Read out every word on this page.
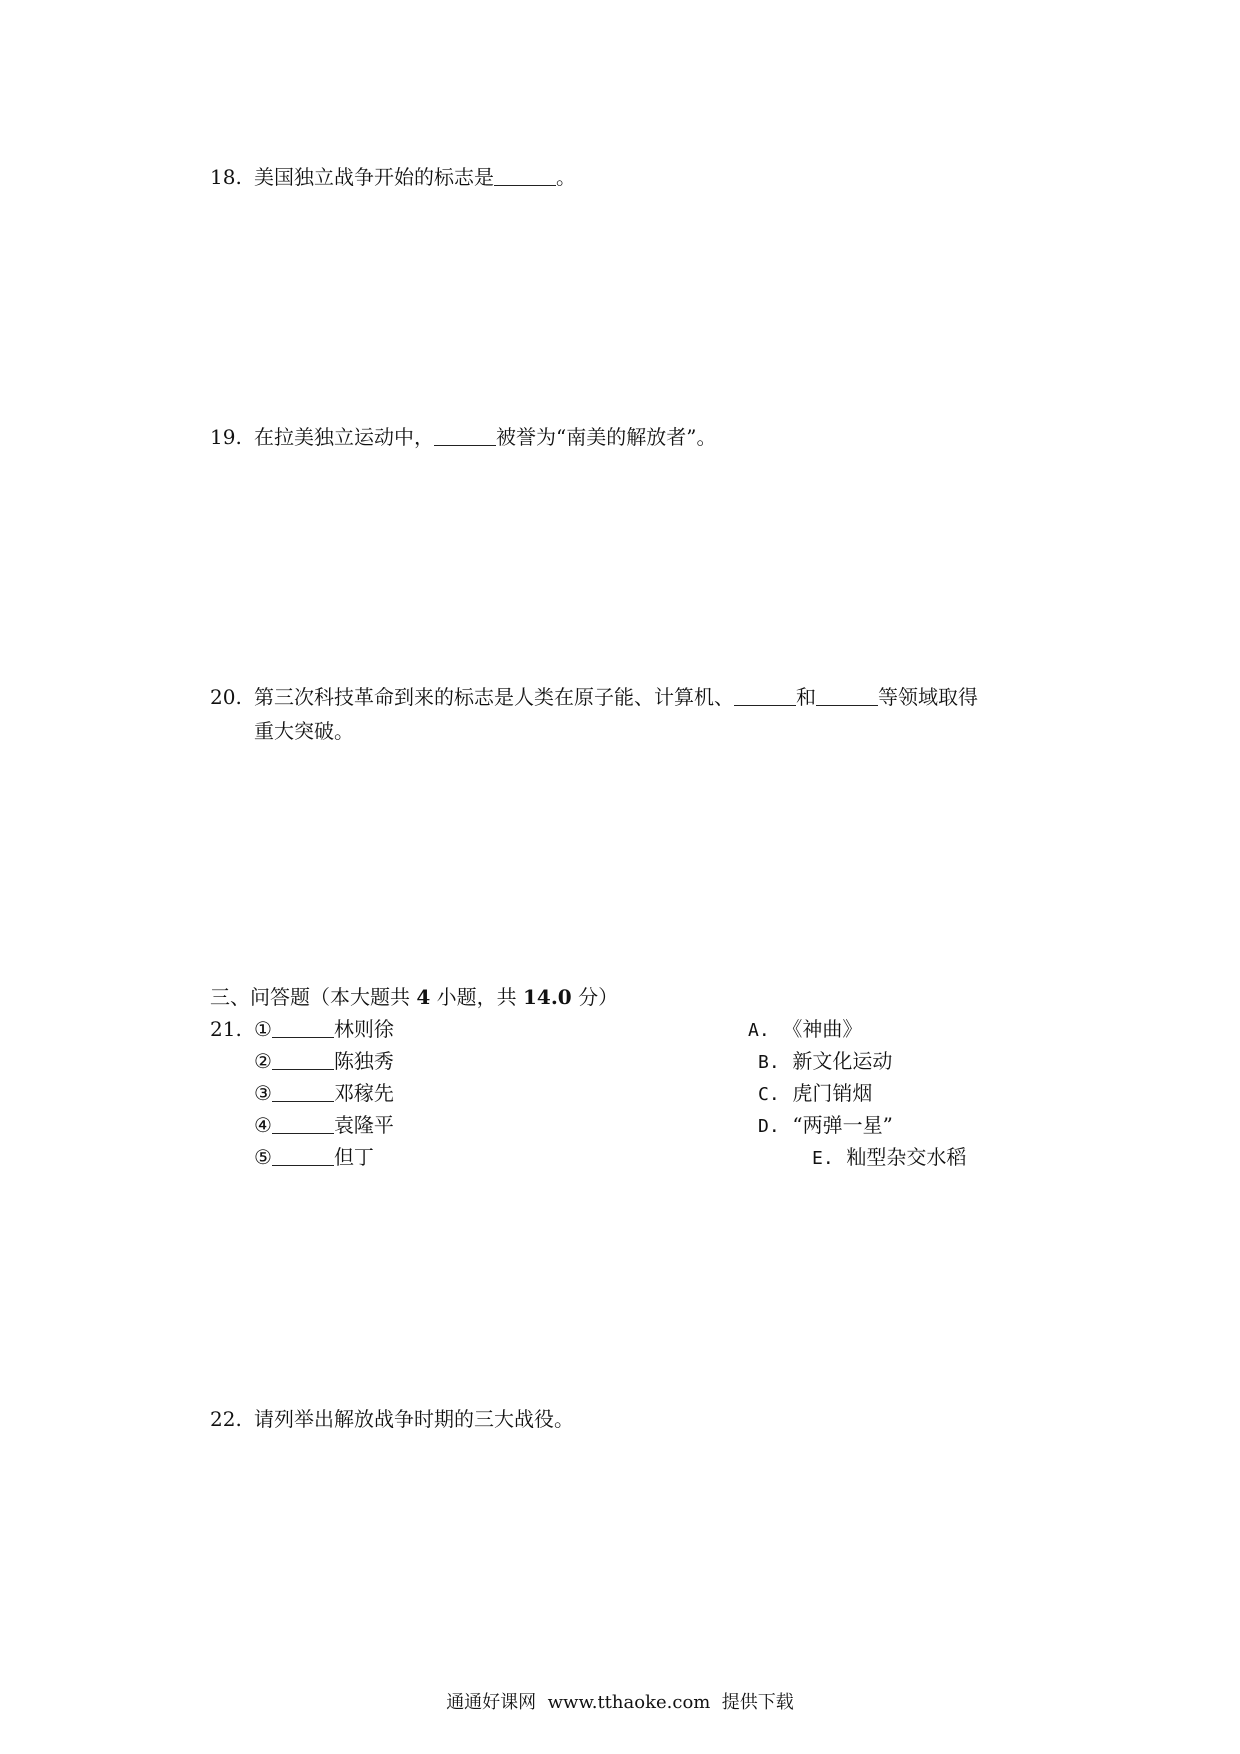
18. 美国独立战争开始的标志是	。
19. 在拉美独立运动中，	被誉为“南美的解放者”。
20. 第三次科技革命到来的标志是人类在原子能、计算机、	和	等领域取得
重大突破。
三、问答题（本大题共 4 小题，共 14.0 分）
21. ①	林则徐
②	陈独秀
③	邓稼先
④	袁隆平
⑤	但丁
A. 《神曲》
B. 新文化运动
C. 虎门销烟
D. “两弹一星”
E. 籼型杂交水稻
22. 请列举出解放战争时期的三大战役。
通通好课网 www.tthaoke.com 提供下载
